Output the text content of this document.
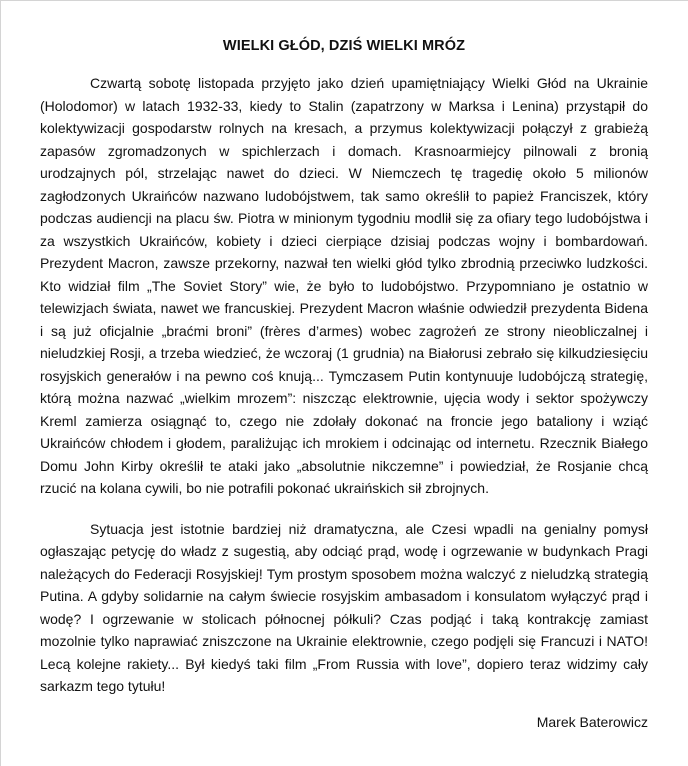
WIELKI GŁÓD, DZIŚ WIELKI MRÓZ

Czwartą sobotę listopada przyjęto jako dzień upamiętniający Wielki Głód na Ukrainie (Holodomor) w latach 1932-33, kiedy to Stalin (zapatrzony w Marksa i Lenina) przystąpił do kolektywizacji gospodarstw rolnych na kresach, a przymus kolektywizacji połączył z grabieżą zapasów zgromadzonych w spichlerzach i domach. Krasnoarmiejcy pilnowali z bronią urodzajnych pól, strzelając nawet do dzieci. W Niemczech tę tragedię około 5 milionów zagłodzonych Ukraińców nazwano ludobójstwem, tak samo określił to papież Franciszek, który podczas audiencji na placu św. Piotra w minionym tygodniu modlił się za ofiary tego ludobójstwa i za wszystkich Ukraińców, kobiety i dzieci cierpiące dzisiaj podczas wojny i bombardowań. Prezydent Macron, zawsze przekorny, nazwał ten wielki głód tylko zbrodnią przeciwko ludzkości. Kto widział film „The Soviet Story” wie, że było to ludobójstwo. Przypomniano je ostatnio w telewizjach świata, nawet we francuskiej. Prezydent Macron właśnie odwiedził prezydenta Bidena i są już oficjalnie „braćmi broni” (frères d’armes) wobec zagrożeń ze strony nieobliczalnej i nieludzkiej Rosji, a trzeba wiedzieć, że wczoraj (1 grudnia) na Białorusi zebrało się kilkudziesięciu rosyjskich generałów i na pewno coś knują... Tymczasem Putin kontynuuje ludobójczą strategię, którą można nazwać „wielkim mrozem”: niszcząc elektrownie, ujęcia wody i sektor spożywczy Kreml zamierza osiągnąć to, czego nie zdołały dokonać na froncie jego bataliony i wziąć Ukraińców chłodem i głodem, paraliżując ich mrokiem i odcinając od internetu. Rzecznik Białego Domu John Kirby określił te ataki jako „absolutnie nikczemne” i powiedział, że Rosjanie chcą rzucić na kolana cywili, bo nie potrafili pokonać ukraińskich sił zbrojnych.

Sytuacja jest istotnie bardziej niż dramatyczna, ale Czesi wpadli na genialny pomysł ogłaszając petycję do władz z sugestią, aby odciąć prąd, wodę i ogrzewanie w budynkach Pragi należących do Federacji Rosyjskiej! Tym prostym sposobem można walczyć z nieludzką strategią Putina. A gdyby solidarnie na całym świecie rosyjskim ambasadom i konsulatom wyłączyć prąd i wodę? I ogrzewanie w stolicach północnej półkuli? Czas podjąć i taką kontrakcję zamiast mozolnie tylko naprawiać zniszczone na Ukrainie elektrownie, czego podjęli się Francuzi i NATO! Lecą kolejne rakiety... Był kiedyś taki film „From Russia with love”, dopiero teraz widzimy cały sarkazm tego tytułu!

Marek Baterowicz
